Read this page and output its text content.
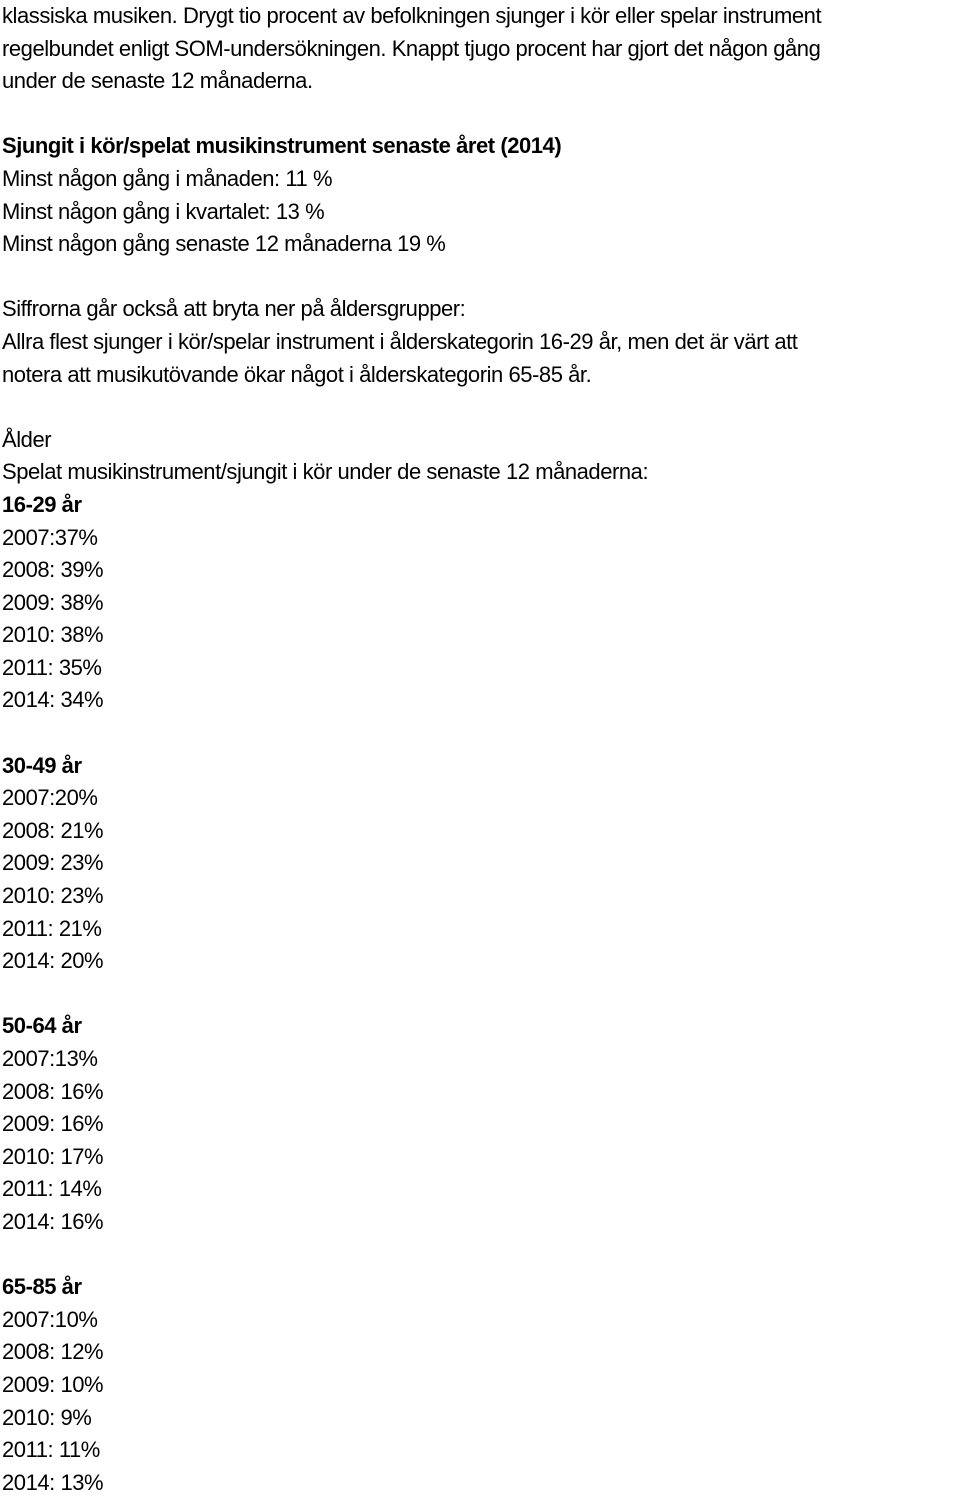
klassiska musiken. Drygt tio procent av befolkningen sjunger i kör eller spelar instrument
regelbundet enligt SOM-undersökningen. Knappt tjugo procent har gjort det någon gång
under de senaste 12 månaderna.
Sjungit i kör/spelat musikinstrument senaste året (2014)
Minst någon gång i månaden: 11 %
Minst någon gång i kvartalet: 13 %
Minst någon gång senaste 12 månaderna 19 %
Siffrorna går också att bryta ner på åldersgrupper:
Allra flest sjunger i kör/spelar instrument i ålderskategorin 16-29 år, men det är värt att
notera att musikutövande ökar något i ålderskategorin 65-85 år.
Ålder
Spelat musikinstrument/sjungit i kör under de senaste 12 månaderna:
16-29 år
2007:37%
2008: 39%
2009: 38%
2010: 38%
2011: 35%
2014: 34%
30-49 år
2007:20%
2008: 21%
2009: 23%
2010: 23%
2011: 21%
2014: 20%
50-64 år
2007:13%
2008: 16%
2009: 16%
2010: 17%
2011: 14%
2014: 16%
65-85 år
2007:10%
2008: 12%
2009: 10%
2010: 9%
2011: 11%
2014: 13%
